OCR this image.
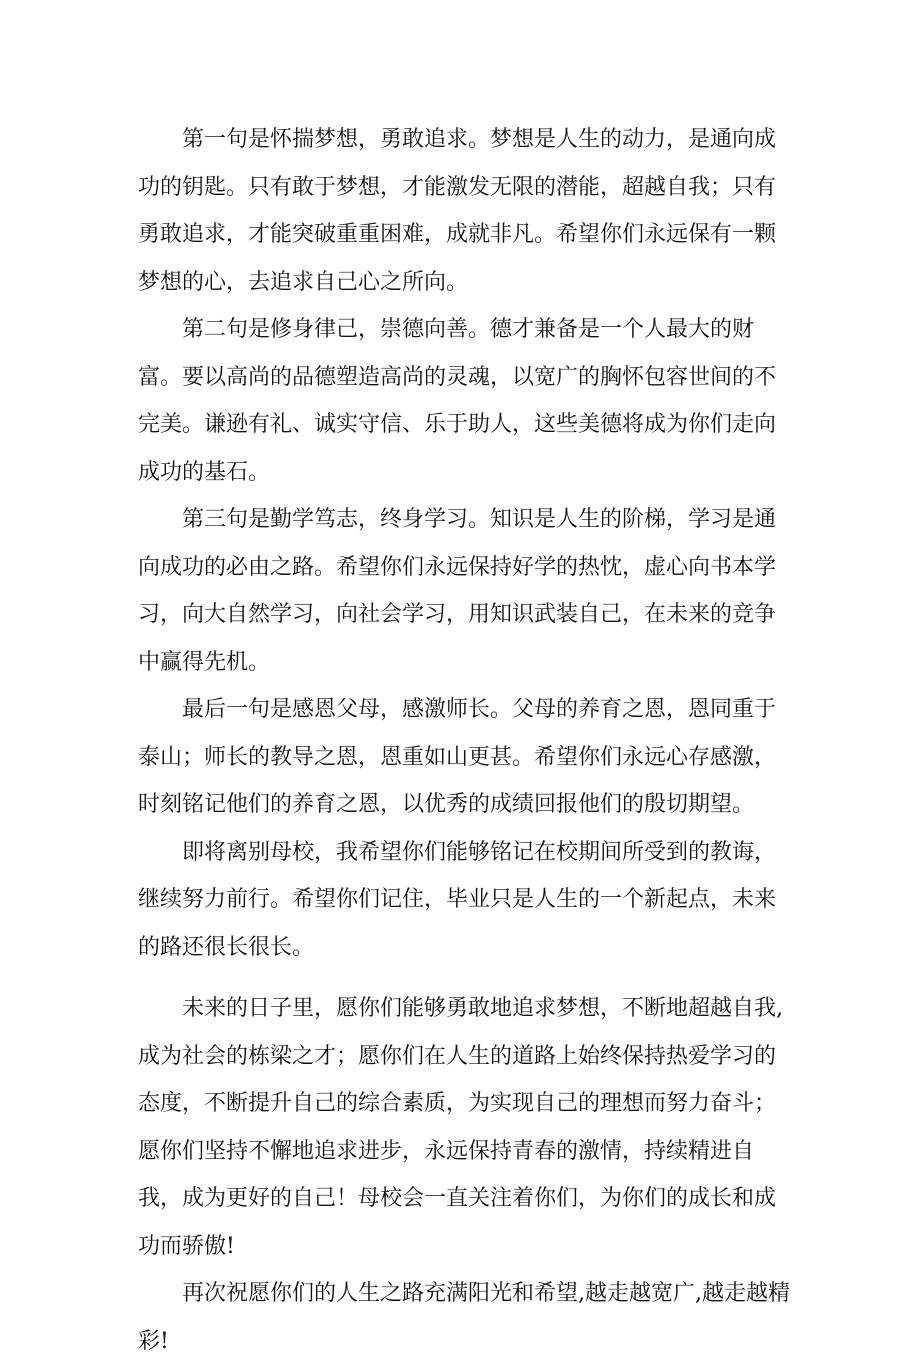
第一句是怀揣梦想，勇敢追求。梦想是人生的动力，是通向成功的钥匙。只有敢于梦想，才能激发无限的潜能，超越自我；只有勇敢追求，才能突破重重困难，成就非凡。希望你们永远保有一颗梦想的心，去追求自己心之所向。

第二句是修身律己，崇德向善。德才兼备是一个人最大的财富。要以高尚的品德塑造高尚的灵魂，以宽广的胸怀包容世间的不完美。谦逊有礼、诚实守信、乐于助人，这些美德将成为你们走向成功的基石。

第三句是勤学笃志，终身学习。知识是人生的阶梯，学习是通向成功的必由之路。希望你们永远保持好学的热忱，虚心向书本学习，向大自然学习，向社会学习，用知识武装自己，在未来的竞争中赢得先机。

最后一句是感恩父母，感激师长。父母的养育之恩，恩同重于泰山；师长的教导之恩，恩重如山更甚。希望你们永远心存感激，时刻铭记他们的养育之恩，以优秀的成绩回报他们的殷切期望。

即将离别母校，我希望你们能够铭记在校期间所受到的教诲，继续努力前行。希望你们记住，毕业只是人生的一个新起点，未来的路还很长很长。

未来的日子里，愿你们能够勇敢地追求梦想，不断地超越自我,成为社会的栋梁之才；愿你们在人生的道路上始终保持热爱学习的态度，不断提升自己的综合素质，为实现自己的理想而努力奋斗；愿你们坚持不懈地追求进步，永远保持青春的激情，持续精进自我，成为更好的自己！母校会一直关注着你们，为你们的成长和成功而骄傲!

再次祝愿你们的人生之路充满阳光和希望,越走越宽广,越走越精彩!
